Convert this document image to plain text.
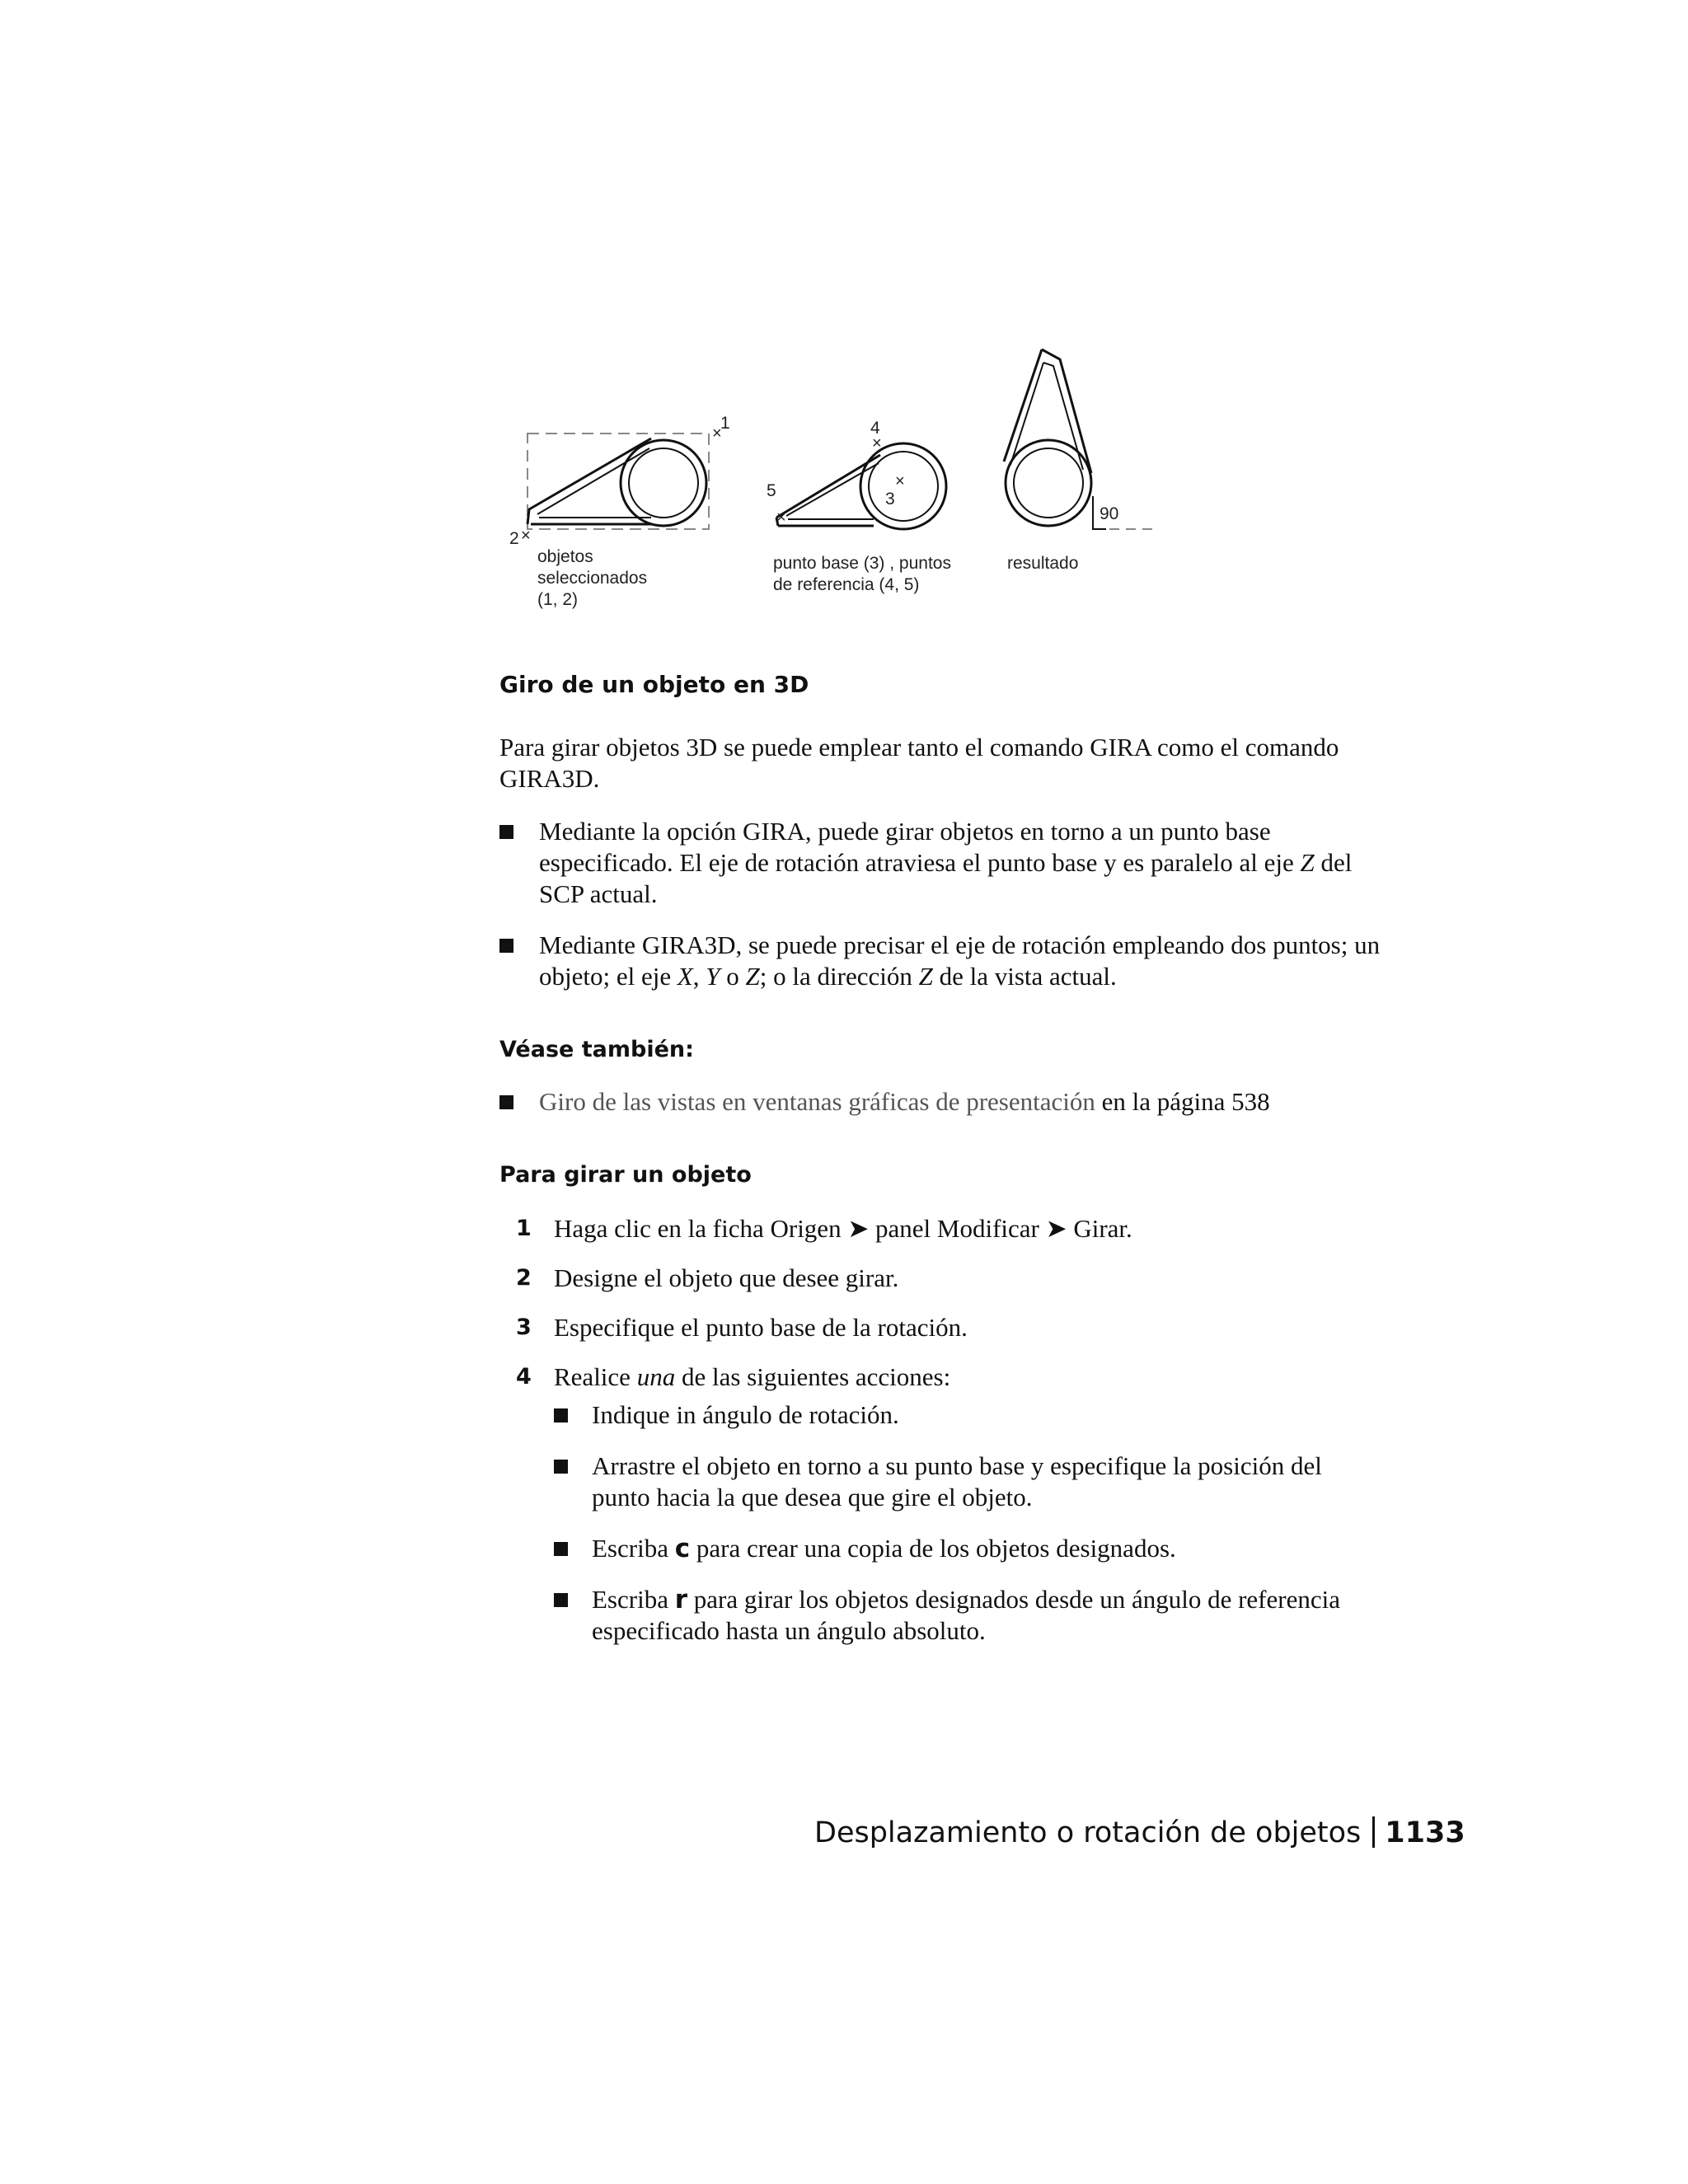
1
×
2 ×
objetos
seleccionados
(1, 2)
4
×
5
×
3
×
punto base (3) , puntos
de referencia (4, 5)
90
resultado
Giro de un objeto en 3D

Para girar objetos 3D se puede emplear tanto el comando GIRA como el comando GIRA3D.

Mediante la opción GIRA, puede girar objetos en torno a un punto base especificado. El eje de rotación atraviesa el punto base y es paralelo al eje Z del SCP actual.
Mediante GIRA3D, se puede precisar el eje de rotación empleando dos puntos; un objeto; el eje X, Y o Z; o la dirección Z de la vista actual.
Véase también:
Giro de las vistas en ventanas gráficas de presentación en la página 538
Para girar un objeto
1 Haga clic en la ficha Origen ➤ panel Modificar ➤ Girar.
2 Designe el objeto que desee girar.
3 Especifique el punto base de la rotación.
4 Realice una de las siguientes acciones:
Indique in ángulo de rotación.
Arrastre el objeto en torno a su punto base y especifique la posición del punto hacia la que desea que gire el objeto.
Escriba c para crear una copia de los objetos designados.
Escriba r para girar los objetos designados desde un ángulo de referencia especificado hasta un ángulo absoluto.
Desplazamiento o rotación de objetos 1133
